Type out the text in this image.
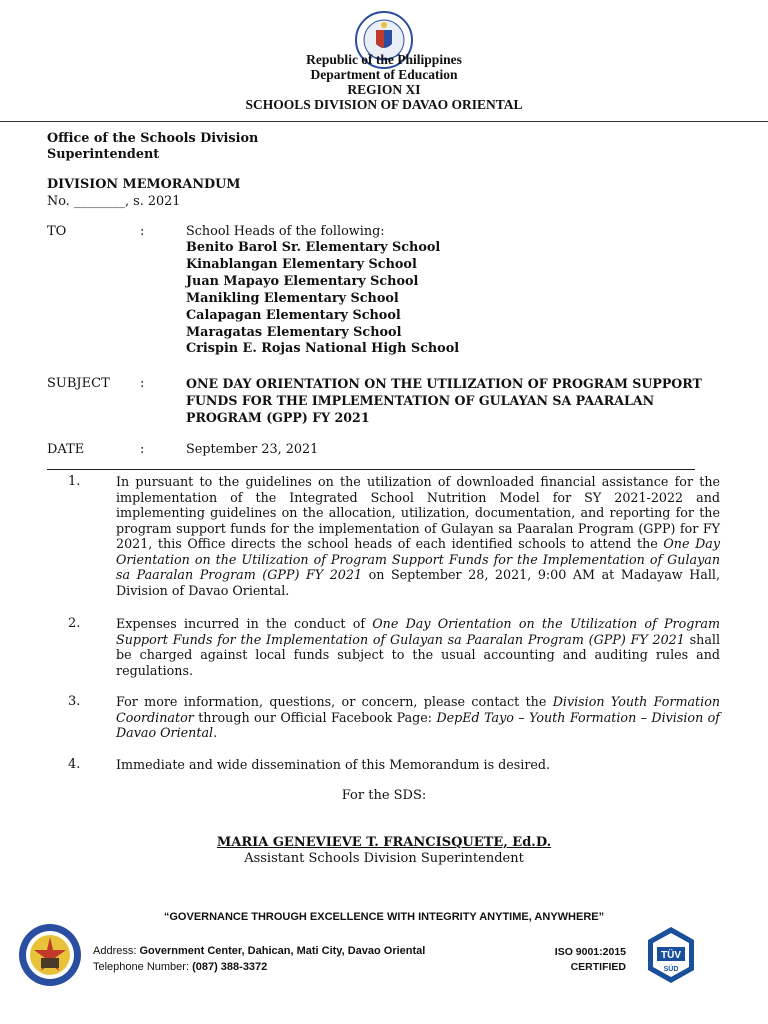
Republic of the Philippines
Department of Education
REGION XI
SCHOOLS DIVISION OF DAVAO ORIENTAL
Office of the Schools Division
Superintendent
DIVISION MEMORANDUM
No. ________, s. 2021
TO	:	School Heads of the following:
Benito Barol Sr. Elementary School
Kinablangan Elementary School
Juan Mapayo Elementary School
Manikling Elementary School
Calapagan Elementary School
Maragatas Elementary School
Crispin E. Rojas National High School
SUBJECT :	ONE DAY ORIENTATION ON THE UTILIZATION OF PROGRAM SUPPORT FUNDS FOR THE IMPLEMENTATION OF GULAYAN SA PAARALAN PROGRAM (GPP) FY 2021
DATE	:	September 23, 2021
1.	In pursuant to the guidelines on the utilization of downloaded financial assistance for the implementation of the Integrated School Nutrition Model for SY 2021-2022 and implementing guidelines on the allocation, utilization, documentation, and reporting for the program support funds for the implementation of Gulayan sa Paaralan Program (GPP) for FY 2021, this Office directs the school heads of each identified schools to attend the One Day Orientation on the Utilization of Program Support Funds for the Implementation of Gulayan sa Paaralan Program (GPP) FY 2021 on September 28, 2021, 9:00 AM at Madayaw Hall, Division of Davao Oriental.
2.	Expenses incurred in the conduct of One Day Orientation on the Utilization of Program Support Funds for the Implementation of Gulayan sa Paaralan Program (GPP) FY 2021 shall be charged against local funds subject to the usual accounting and auditing rules and regulations.
3.	For more information, questions, or concern, please contact the Division Youth Formation Coordinator through our Official Facebook Page: DepEd Tayo – Youth Formation – Division of Davao Oriental.
4.	Immediate and wide dissemination of this Memorandum is desired.
For the SDS:
MARIA GENEVIEVE T. FRANCISQUETE, Ed.D.
Assistant Schools Division Superintendent
“GOVERNANCE THROUGH EXCELLENCE WITH INTEGRITY ANYTIME, ANYWHERE”
Address: Government Center, Dahican, Mati City, Davao Oriental
Telephone Number: (087) 388-3372
ISO 9001:2015
CERTIFIED
TÜV
SÜD
